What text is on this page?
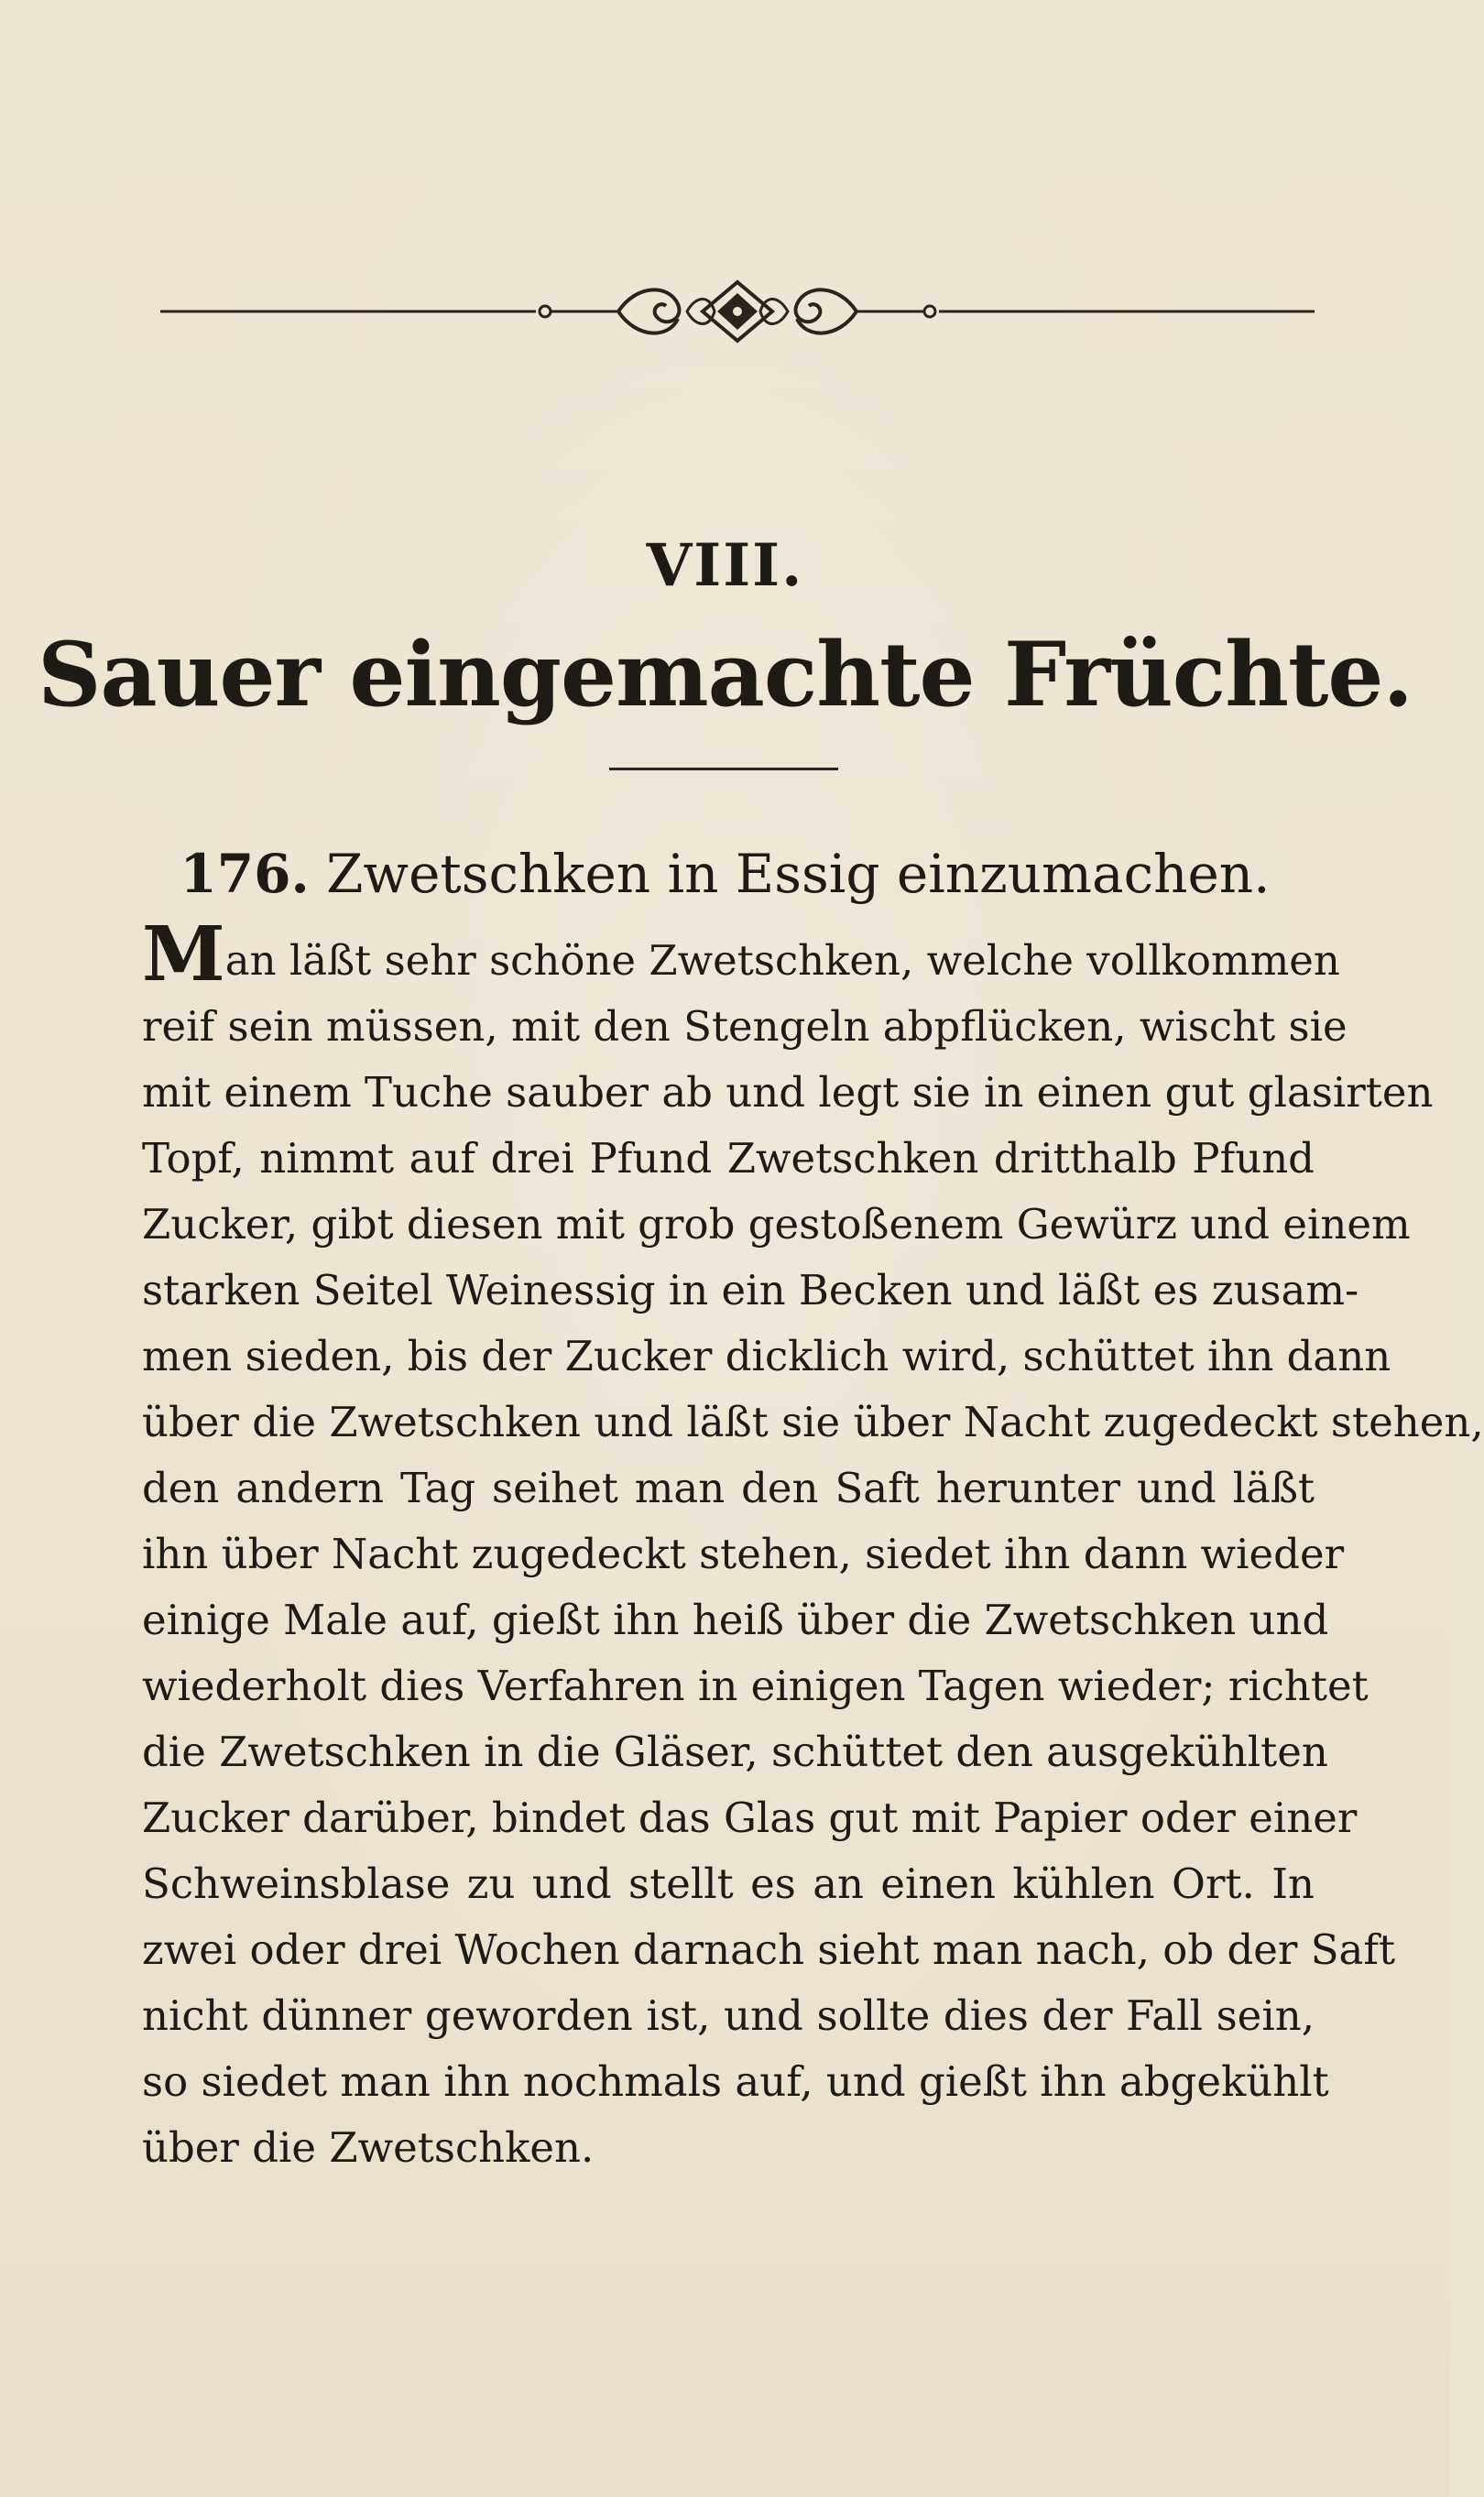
VIII.
Sauer eingemachte Früchte.
176. Zwetschken in Essig einzumachen.
Man läßt sehr schöne Zwetschken, welche vollkommen
reif sein müssen, mit den Stengeln abpflücken, wischt sie
mit einem Tuche sauber ab und legt sie in einen gut glasirten
Topf, nimmt auf drei Pfund Zwetschken dritthalb Pfund
Zucker, gibt diesen mit grob gestoßenem Gewürz und einem
starken Seitel Weinessig in ein Becken und läßt es zusam-
men sieden, bis der Zucker dicklich wird, schüttet ihn dann
über die Zwetschken und läßt sie über Nacht zugedeckt stehen,
den andern Tag seihet man den Saft herunter und läßt
ihn über Nacht zugedeckt stehen, siedet ihn dann wieder
einige Male auf, gießt ihn heiß über die Zwetschken und
wiederholt dies Verfahren in einigen Tagen wieder; richtet
die Zwetschken in die Gläser, schüttet den ausgekühlten
Zucker darüber, bindet das Glas gut mit Papier oder einer
Schweinsblase zu und stellt es an einen kühlen Ort. In
zwei oder drei Wochen darnach sieht man nach, ob der Saft
nicht dünner geworden ist, und sollte dies der Fall sein,
so siedet man ihn nochmals auf, und gießt ihn abgekühlt
über die Zwetschken.
